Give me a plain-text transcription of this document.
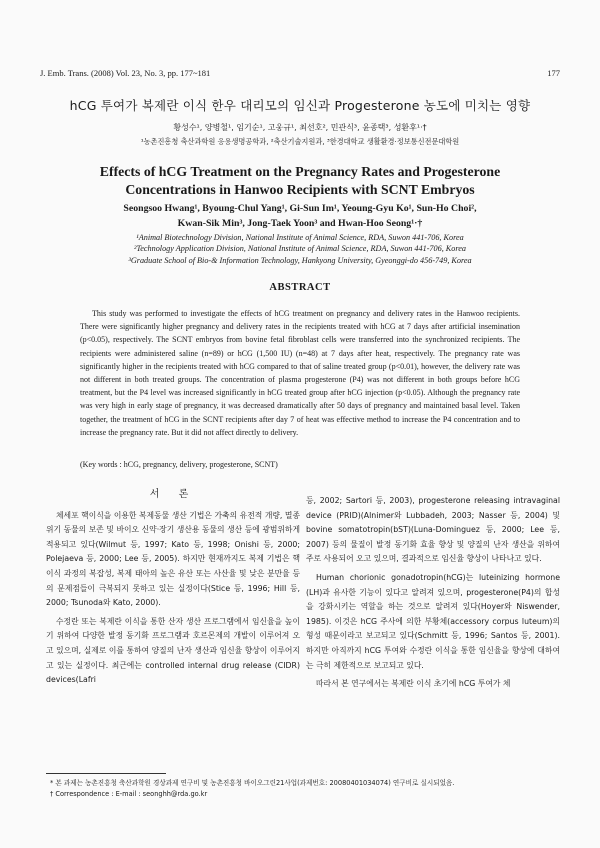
J. Emb. Trans. (2008) Vol. 23, No. 3, pp. 177~181	177
hCG 투여가 복제란 이식 한우 대리모의 임신과 Progesterone 농도에 미치는 영향
황성수¹, 양병철¹, 임기순¹, 고웅규¹, 최선호², 민관식³, 윤종택³, 성환후¹·†
¹농촌진흥청 축산과학원 응용생명공학과, ²축산기술지원과, ³한경대학교 생활환경·정보통신전문대학원
Effects of hCG Treatment on the Pregnancy Rates and Progesterone
Concentrations in Hanwoo Recipients with SCNT Embryos
Seongsoo Hwang¹, Byoung-Chul Yang¹, Gi-Sun Im¹, Yeoung-Gyu Ko¹, Sun-Ho Choi²,
Kwan-Sik Min³, Jong-Taek Yoon³ and Hwan-Hoo Seong¹·†
¹Animal Biotechnology Division, National Institute of Animal Science, RDA, Suwon 441-706, Korea
²Technology Application Division, National Institute of Animal Science, RDA, Suwon 441-706, Korea
³Graduate School of Bio-& Information Technology, Hankyong University, Gyeonggi-do 456-749, Korea
ABSTRACT
This study was performed to investigate the effects of hCG treatment on pregnancy and delivery rates in the Hanwoo recipients. There were significantly higher pregnancy and delivery rates in the recipients treated with hCG at 7 days after artificial insemination (p<0.05), respectively. The SCNT embryos from bovine fetal fibroblast cells were transferred into the synchronized recipients. The recipients were administered saline (n=89) or hCG (1,500 IU) (n=48) at 7 days after heat, respectively. The pregnancy rate was significantly higher in the recipients treated with hCG compared to that of saline treated group (p<0.01), however, the delivery rate was not different in both treated groups. The concentration of plasma progesterone (P4) was not different in both groups before hCG treatment, but the P4 level was increased significantly in hCG treated group after hCG injection (p<0.05). Although the pregnancy rate was very high in early stage of pregnancy, it was decreased dramatically after 50 days of pregnancy and maintained basal level. Taken together, the treatment of hCG in the SCNT recipients after day 7 of heat was effective method to increase the P4 concentration and to increase the pregnancy rate. But it did not affect directly to delivery.
(Key words : hCG, pregnancy, delivery, progesterone, SCNT)
서 론

체세포 핵이식을 이용한 복제동물 생산 기법은 가축의 유전적 개량, 멸종위기 동물의 보존 및 바이오 신약·장기 생산용 동물의 생산 등에 광범위하게 적용되고 있다(Wilmut 등, 1997; Kato 등, 1998; Onishi 등, 2000; Polejaeva 등, 2000; Lee 등, 2005). 하지만 현재까지도 복제 기법은 핵이식 과정의 복잡성, 복제 태아의 높은 유산 또는 사산율 및 낮은 분만율 등의 문제점들이 극복되지 못하고 있는 실정이다(Stice 등, 1996; Hill 등, 2000; Tsunoda와 Kato, 2000).

수정란 또는 복제란 이식을 통한 산자 생산 프로그램에서 임신율을 높이기 위하여 다양한 발정 동기화 프로그램과 호르몬제의 개발이 이루어져 오고 있으며, 실제로 이를 통하여 양질의 난자 생산과 임신율 향상이 이루어지고 있는 실정이다. 최근에는 controlled internal drug release (CIDR) devices(Lafri

등, 2002; Sartori 등, 2003), progesterone releasing intravaginal device (PRID)(Alnimer와 Lubbadeh, 2003; Nasser 등, 2004) 및 bovine somatotropin(bST)(Luna-Dominguez 등, 2000; Lee 등, 2007) 등의 물질이 발정 동기화 효율 향상 및 양질의 난자 생산을 위하여 주로 사용되어 오고 있으며, 결과적으로 임신율 향상이 나타나고 있다.

Human chorionic gonadotropin(hCG)는 luteinizing hormone (LH)과 유사한 기능이 있다고 알려져 있으며, progesterone(P4)의 합성을 강화시키는 역할을 하는 것으로 알려져 있다(Hoyer와 Niswender, 1985). 이것은 hCG 주사에 의한 부황체(accessory corpus luteum)의 형성 때문이라고 보고되고 있다(Schmitt 등, 1996; Santos 등, 2001). 하지만 아직까지 hCG 투여와 수정란 이식을 통한 임신율을 향상에 대하여는 극히 제한적으로 보고되고 있다.

따라서 본 연구에서는 복제란 이식 초기에 hCG 투여가 체

* 본 과제는 농촌진흥청 축산과학원 경상과제 연구비 및 농촌진흥청 바이오그린21사업(과제번호: 20080401034074) 연구비로 실시되었음.
† Correspondence : E-mail : seonghh@rda.go.kr
